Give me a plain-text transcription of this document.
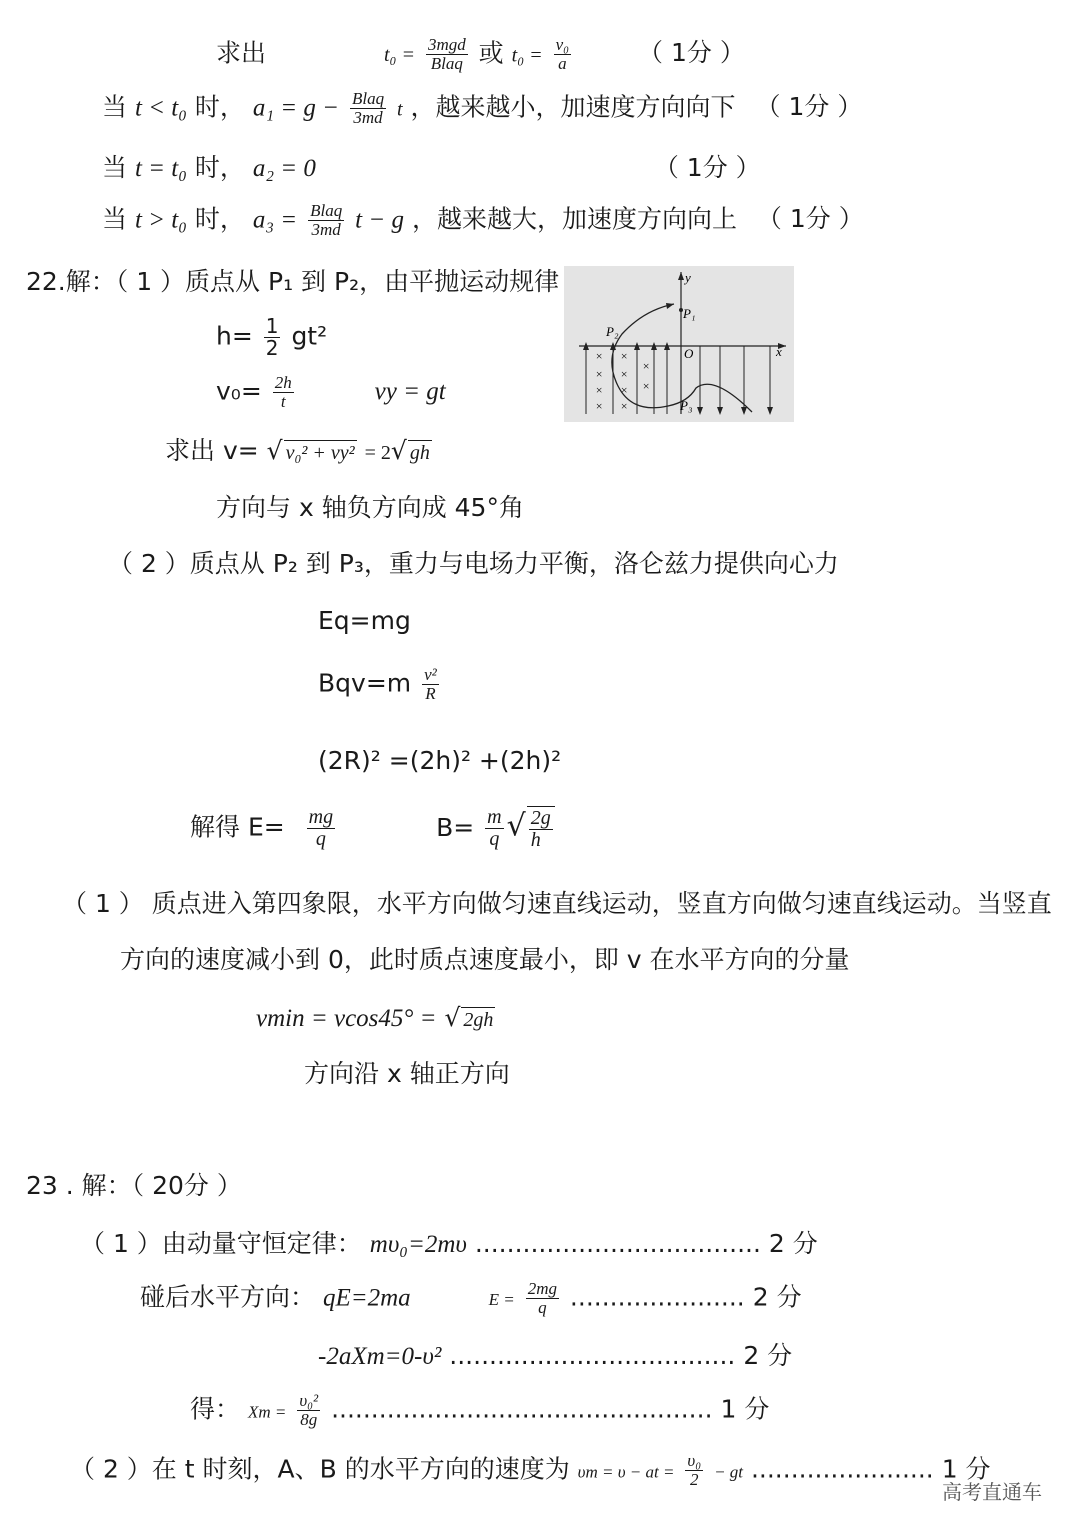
求出	$t_0 = \frac{\text{3mgd}}{\text{Blaq}}$ 或 $t_0 = \frac{\text{v₀}}{a}$	（ 1分 ）
当 t < t₀ 时， $a_1 = g - \frac{\text{Blaq}}{3md}$ t ，越来越小，加速度方向向下 （ 1分 ）
当 t = t₀ 时， a₂ = 0	（ 1分 ）
当 t > t₀ 时， $a_3 = \frac{\text{Blaq}}{3md}$ t − g ，越来越大，加速度方向向上 （ 1分 ）
22.解：（ 1 ）质点从 P₁ 到 P₂，由平抛运动规律
$h= \frac{1}{2} gt^2$
$v_0= \frac{2h}{t}$	vy = gt
求出 v= √ v₀² + vy² = 2√ gh
方向与 x 轴负方向成 45°角
y
P₁
P₂
O	x
P₃
×
×
×
×
×
×
×
×
×
×
（ 2 ）质点从 P₂ 到 P₃，重力与电场力平衡，洛仑兹力提供向心力
Eq=mg
$Bqv=m \frac{\text{v²}}{R}$
(2R)² =(2h)² +(2h)²
解得 $E= \frac{mg}{q}$	$B= \frac{m}{q}$ √ $\frac{2g}{h}$
（ 1 ） 质点进入第四象限，水平方向做匀速直线运动，竖直方向做匀速直线运动。当竖直
方向的速度减小到 0，此时质点速度最小，即 v 在水平方向的分量
vmin = vcos45° = √ 2gh
方向沿 x 轴正方向
23 . 解：（ 20分 ）
（ 1 ）由动量守恒定律： mυ₀=2mυ .................................... 2 分
碰后水平方向： qE=2ma	$E = \frac{2mg}{q}$ ...................... 2 分
-2aXm=0-υ² .................................... 2 分
得： $Xm = \frac{\text{υ₀²}}{8g}$ ................................................ 1 分
（ 2 ）在 t 时刻，A、B 的水平方向的速度为 υm = υ − at = $\frac{\text{υ₀}}{2}$ − gt ....................... 1 分
高考直通车
